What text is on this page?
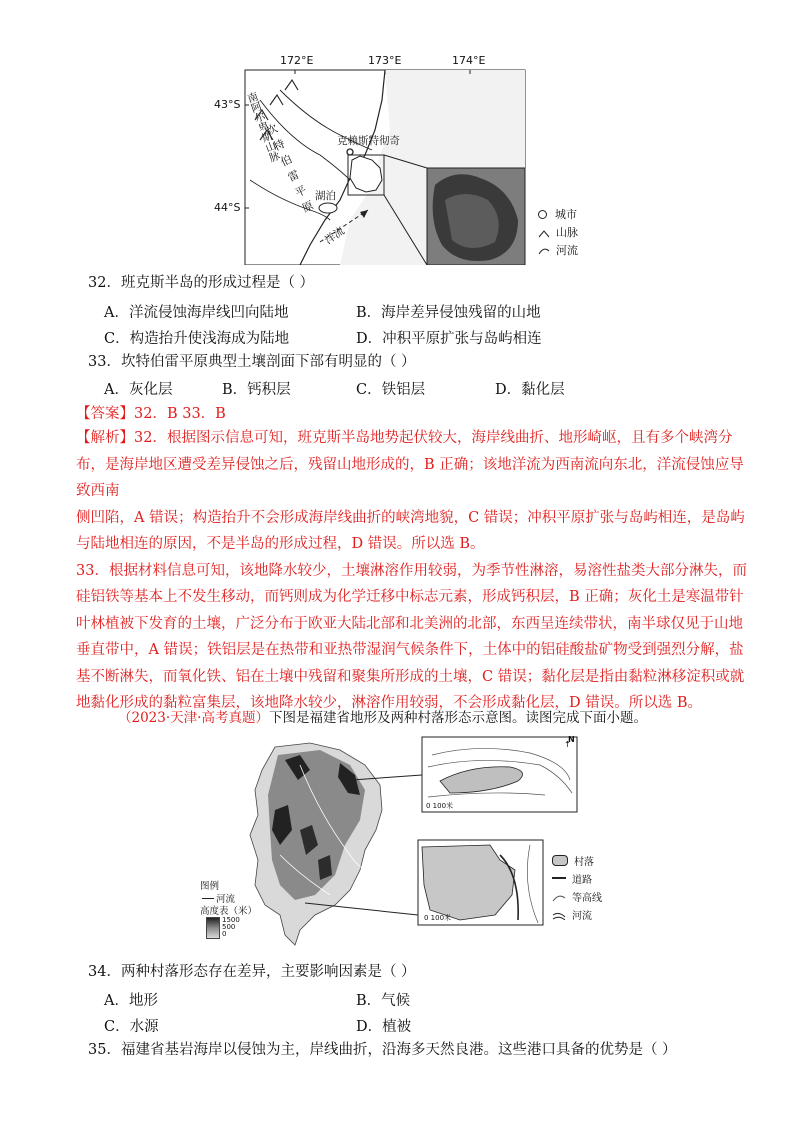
172°E	173°E	174°E
43°S
44°S
南阿尔卑斯山脉
坎特伯雷平原 克赖斯特彻奇
湖泊
洋流
城市
山脉
河流
32．班克斯半岛的形成过程是（ ）
A．洋流侵蚀海岸线凹向陆地	B．海岸差异侵蚀残留的山地
C．构造抬升使浅海成为陆地	D．冲积平原扩张与岛屿相连
33．坎特伯雷平原典型土壤剖面下部有明显的（ ）
A．灰化层	B．钙积层	C．铁铝层	D．黏化层
【答案】32．B 33．B
【解析】32．根据图示信息可知，班克斯半岛地势起伏较大，海岸线曲折、地形崎岖，且有多个峡湾分
布，是海岸地区遭受差异侵蚀之后，残留山地形成的，B 正确；该地洋流为西南流向东北，洋流侵蚀应导
致西南
侧凹陷，A 错误；构造抬升不会形成海岸线曲折的峡湾地貌，C 错误；冲积平原扩张与岛屿相连，是岛屿
与陆地相连的原因，不是半岛的形成过程，D 错误。所以选 B。
33．根据材料信息可知，该地降水较少，土壤淋溶作用较弱，为季节性淋溶，易溶性盐类大部分淋失，而
硅铝铁等基本上不发生移动，而钙则成为化学迁移中标志元素，形成钙积层，B 正确；灰化土是寒温带针
叶林植被下发育的土壤，广泛分布于欧亚大陆北部和北美洲的北部，东西呈连续带状，南半球仅见于山地
垂直带中，A 错误；铁铝层是在热带和亚热带湿润气候条件下，土体中的铝硅酸盐矿物受到强烈分解，盐
基不断淋失，而氧化铁、铝在土壤中残留和聚集所形成的土壤，C 错误；黏化层是指由黏粒淋移淀积或就
地黏化形成的黏粒富集层，该地降水较少，淋溶作用较弱，不会形成黏化层，D 错误。所以选 B。
（2023·天津·高考真题）下图是福建省地形及两种村落形态示意图。读图完成下面小题。
↑
图例
河流
高度表（米）
1500
500
0
0 100米
0 100米
N
村落
道路
等高线
河流
34．两种村落形态存在差异，主要影响因素是（ ）
A．地形	B．气候
C．水源	D．植被
35．福建省基岩海岸以侵蚀为主，岸线曲折，沿海多天然良港。这些港口具备的优势是（ ）
